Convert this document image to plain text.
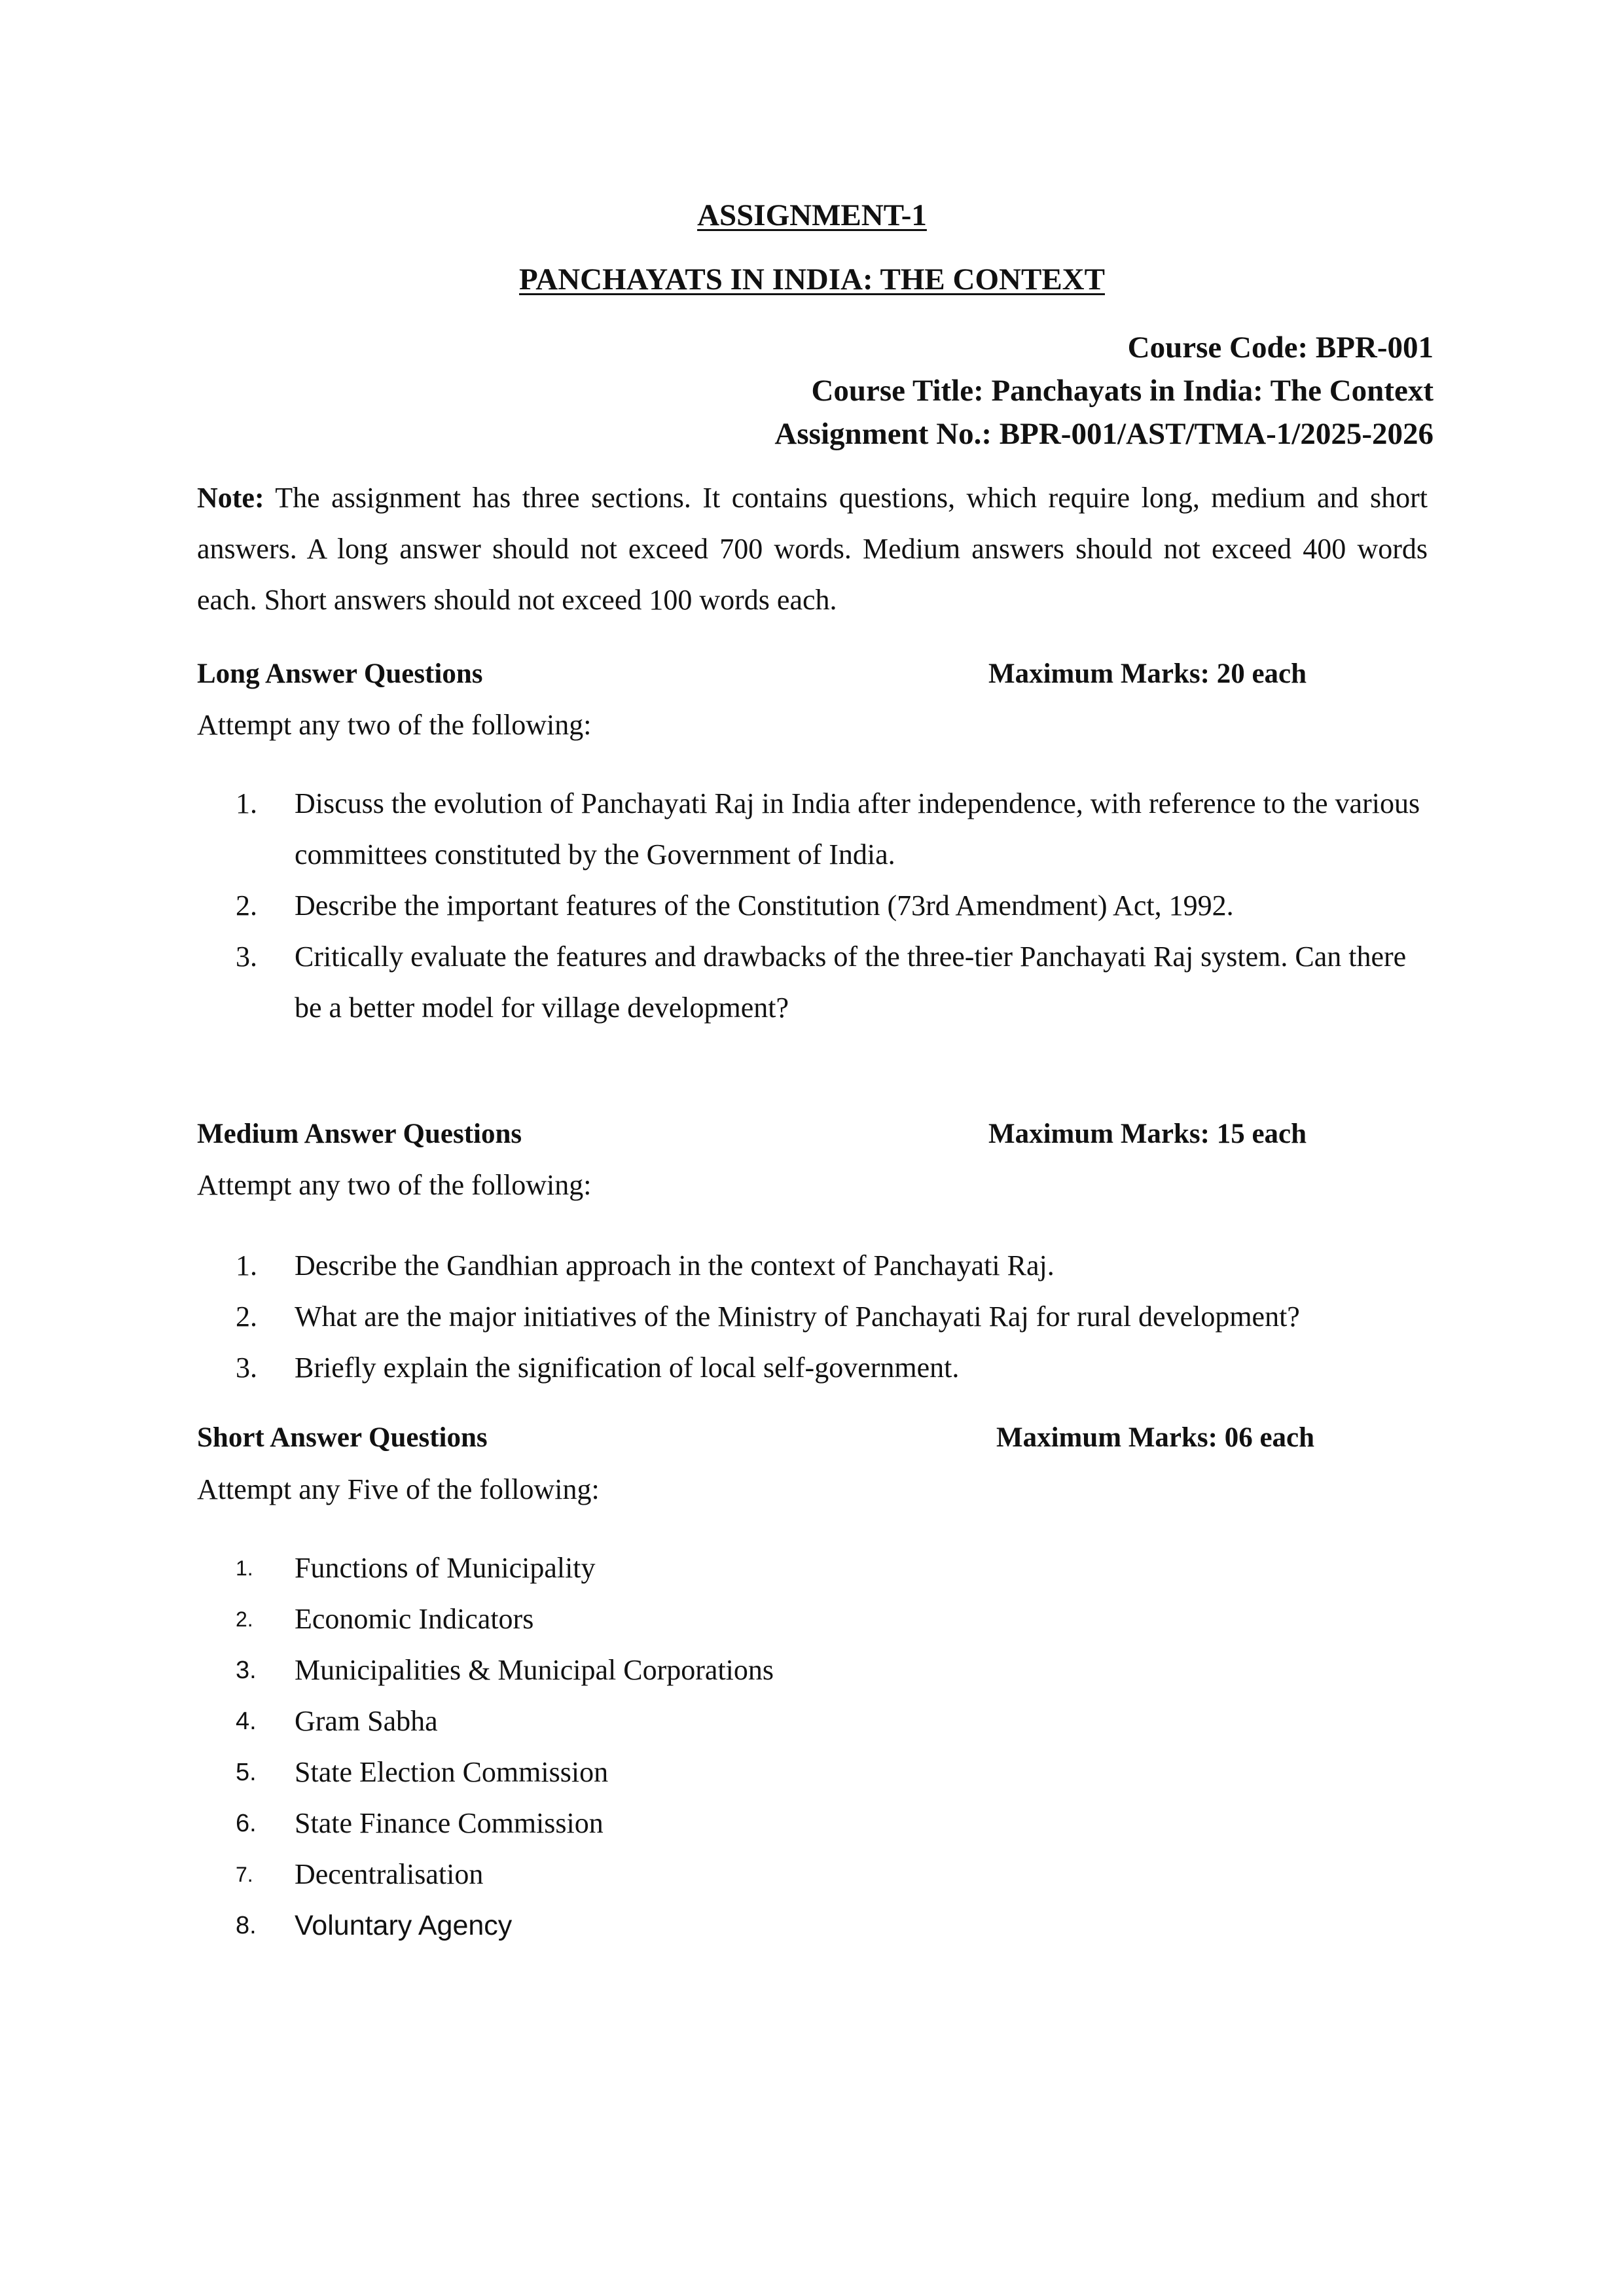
ASSIGNMENT-1
PANCHAYATS IN INDIA: THE CONTEXT
Course Code: BPR-001
Course Title: Panchayats in India: The Context
Assignment No.: BPR-001/AST/TMA-1/2025-2026
Note: The assignment has three sections. It contains questions, which require long, medium and short answers. A long answer should not exceed 700 words. Medium answers should not exceed 400 words each. Short answers should not exceed 100 words each.
Long Answer Questions	Maximum Marks: 20 each
Attempt any two of the following:
1.	Discuss the evolution of Panchayati Raj in India after independence, with reference to the various committees constituted by the Government of India.
2.	Describe the important features of the Constitution (73rd Amendment) Act, 1992.
3.	Critically evaluate the features and drawbacks of the three-tier Panchayati Raj system. Can there be a better model for village development?
Medium Answer Questions	Maximum Marks: 15 each
Attempt any two of the following:
1.	Describe the Gandhian approach in the context of Panchayati Raj.
2.	What are the major initiatives of the Ministry of Panchayati Raj for rural development?
3.	Briefly explain the signification of local self-government.
Short Answer Questions	Maximum Marks: 06 each
Attempt any Five of the following:
1.	Functions of Municipality
2.	Economic Indicators
3.	Municipalities & Municipal Corporations
4.	Gram Sabha
5.	State Election Commission
6.	State Finance Commission
7.	Decentralisation
8.	Voluntary Agency
